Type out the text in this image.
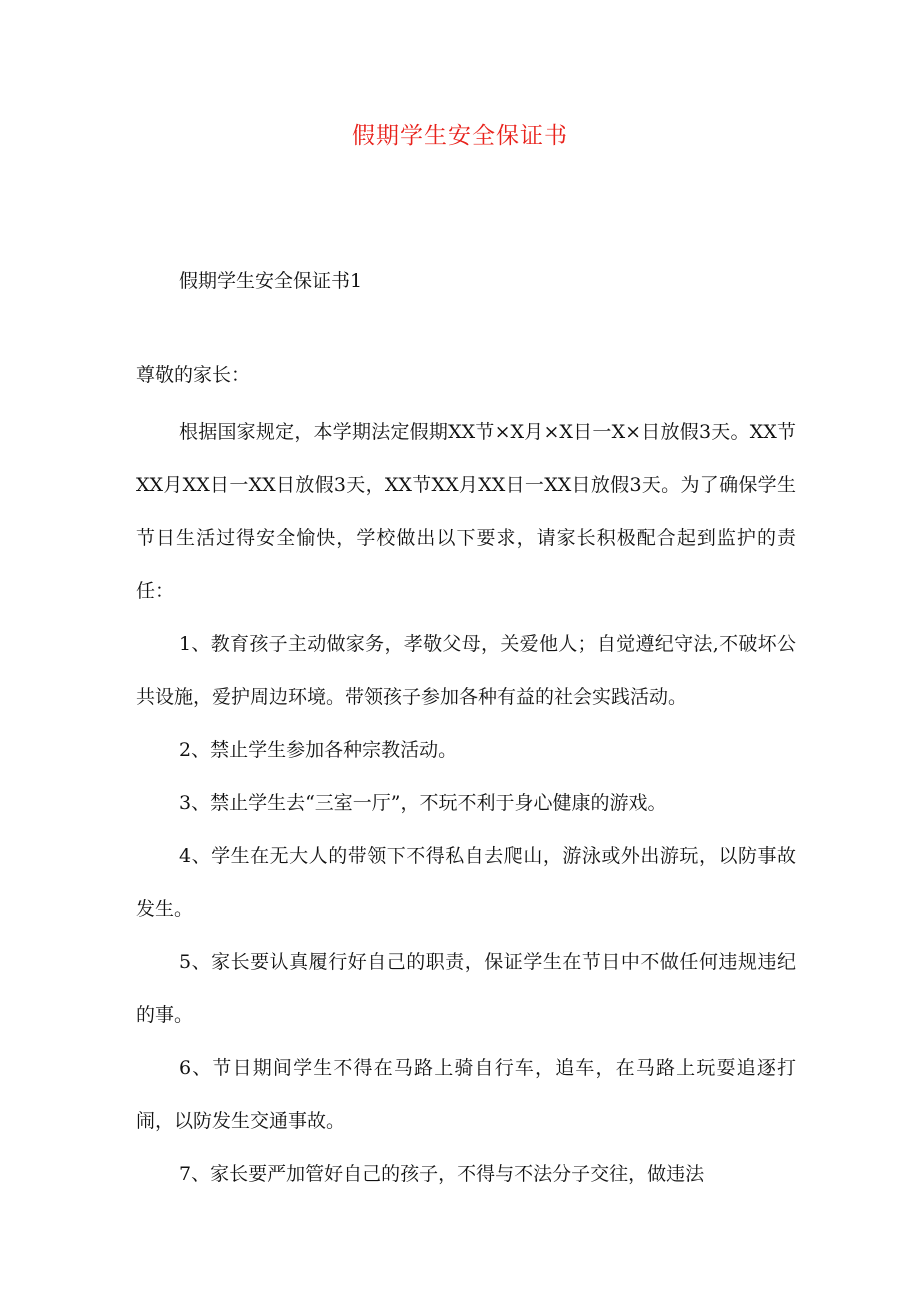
假期学生安全保证书
假期学生安全保证书1
尊敬的家长：

根据国家规定，本学期法定假期XX节×X月×X日一X×日放假3天。XX节XX月XX日一XX日放假3天，XX节XX月XX日一XX日放假3天。为了确保学生节日生活过得安全愉快，学校做出以下要求，请家长积极配合起到监护的责任：

1、教育孩子主动做家务，孝敬父母，关爱他人；自觉遵纪守法,不破坏公共设施，爱护周边环境。带领孩子参加各种有益的社会实践活动。

2、禁止学生参加各种宗教活动。

3、禁止学生去“三室一厅”，不玩不利于身心健康的游戏。

4、学生在无大人的带领下不得私自去爬山，游泳或外出游玩，以防事故发生。

5、家长要认真履行好自己的职责，保证学生在节日中不做任何违规违纪的事。

6、节日期间学生不得在马路上骑自行车，追车，在马路上玩耍追逐打闹，以防发生交通事故。

7、家长要严加管好自己的孩子，不得与不法分子交往，做违法
